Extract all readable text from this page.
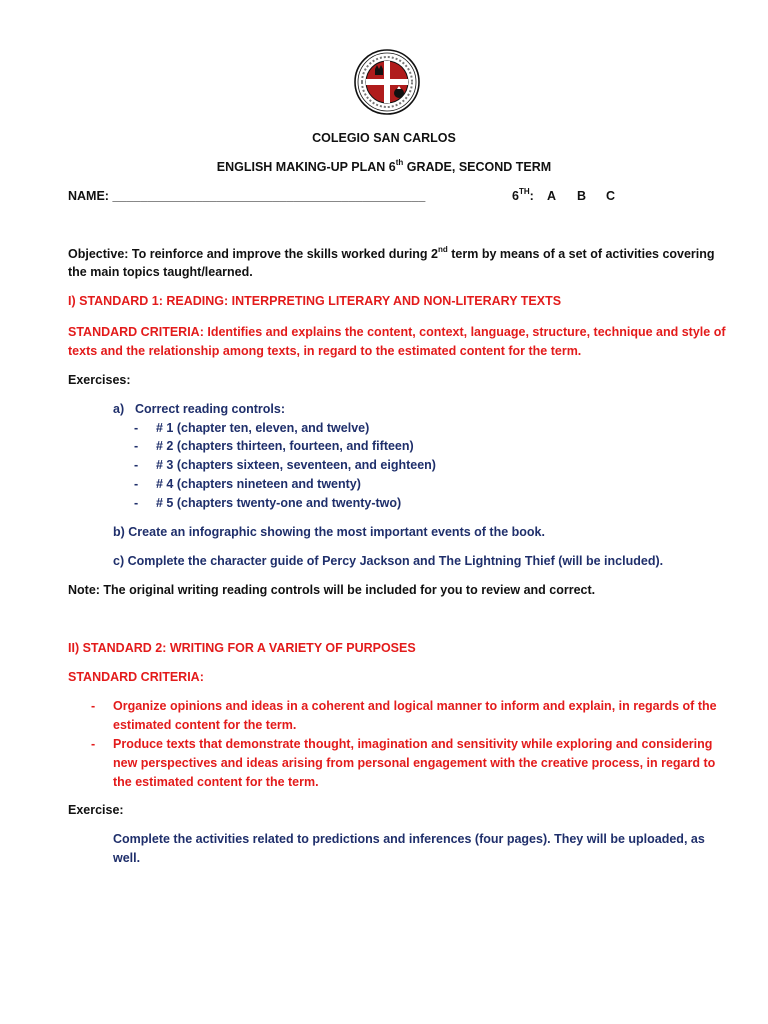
COLEGIO SAN CARLOS
ENGLISH MAKING-UP PLAN 6th GRADE, SECOND TERM
NAME: _____________________________________________	6TH: A B C
Objective: To reinforce and improve the skills worked during 2nd term by means of a set of activities covering
the main topics taught/learned.
I) STANDARD 1: READING: INTERPRETING LITERARY AND NON-LITERARY TEXTS
STANDARD CRITERIA: Identifies and explains the content, context, language, structure, technique and style of
texts and the relationship among texts, in regard to the estimated content for the term.
Exercises:
a) Correct reading controls:
- # 1 (chapter ten, eleven, and twelve)
- # 2 (chapters thirteen, fourteen, and fifteen)
- # 3 (chapters sixteen, seventeen, and eighteen)
- # 4 (chapters nineteen and twenty)
- # 5 (chapters twenty-one and twenty-two)
b) Create an infographic showing the most important events of the book.
c) Complete the character guide of Percy Jackson and The Lightning Thief (will be included).
Note: The original writing reading controls will be included for you to review and correct.
II) STANDARD 2: WRITING FOR A VARIETY OF PURPOSES
STANDARD CRITERIA:
- Organize opinions and ideas in a coherent and logical manner to inform and explain, in regards of the
estimated content for the term.
- Produce texts that demonstrate thought, imagination and sensitivity while exploring and considering
new perspectives and ideas arising from personal engagement with the creative process, in regard to
the estimated content for the term.
Exercise:
Complete the activities related to predictions and inferences (four pages). They will be uploaded, as
well.
